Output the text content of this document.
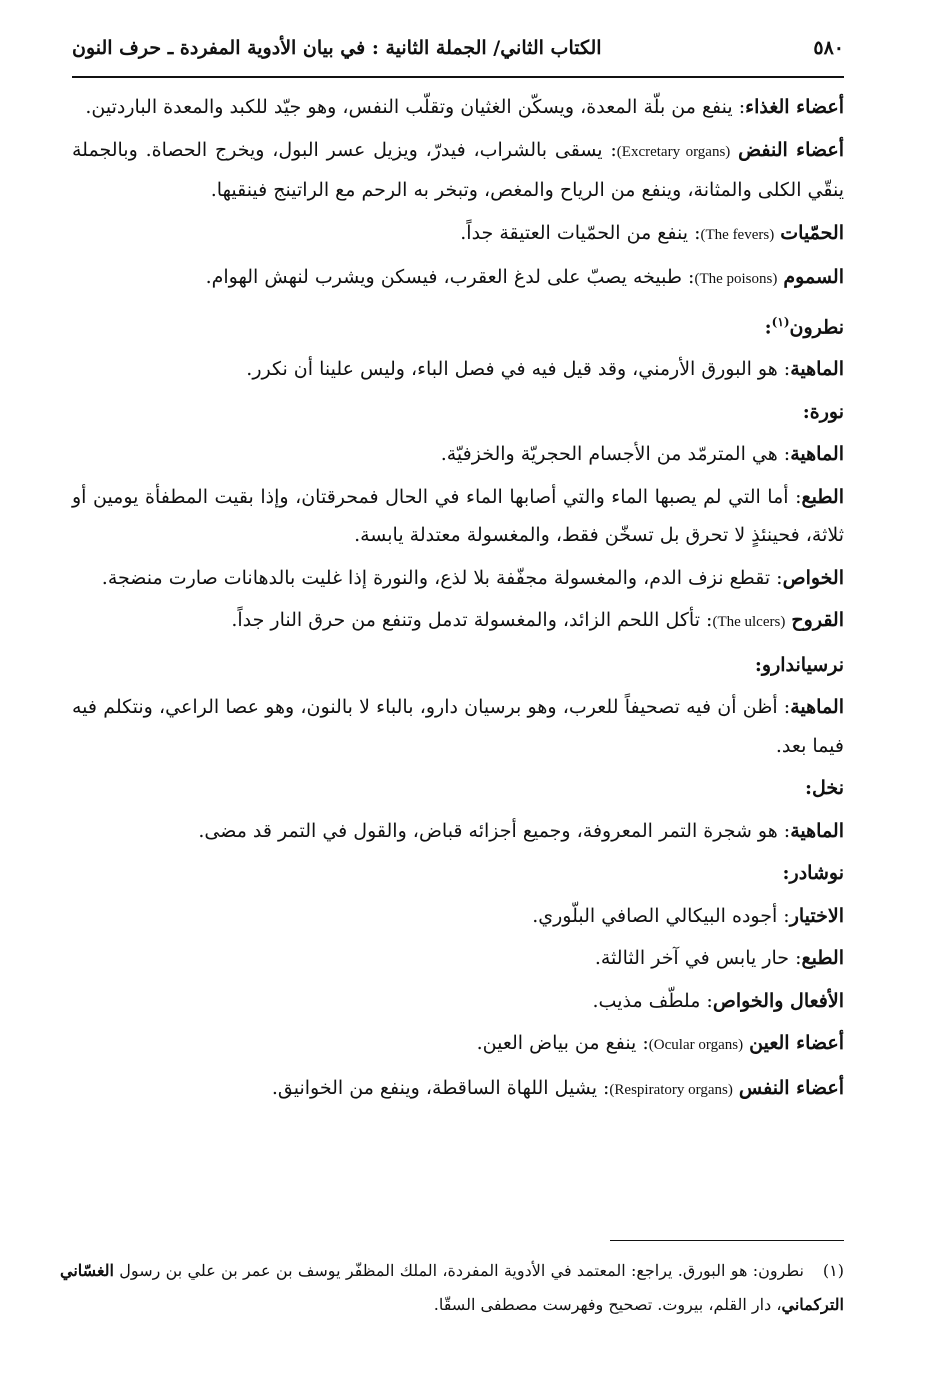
٥٨٠
الكتاب الثاني/ الجملة الثانية : في بيان الأدوية المفردة ـ حرف النون

أعضاء الغذاء: ينفع من بلّة المعدة، ويسكّن الغثيان وتقلّب النفس، وهو جيّد للكبد والمعدة الباردتين.

أعضاء النفض (Excretary organs): يسقى بالشراب، فيدرّ، ويزيل عسر البول، ويخرج الحصاة. وبالجملة ينقّي الكلى والمثانة، وينفع من الرياح والمغص، وتبخر به الرحم مع الراتينج فينقيها.

الحمّيات (The fevers): ينفع من الحمّيات العتيقة جداً.

السموم (The poisons): طبيخه يصبّ على لدغ العقرب، فيسكن ويشرب لنهش الهوام.

نطرون$^{(١)}$:

الماهية: هو البورق الأرمني، وقد قيل فيه في فصل الباء، وليس علينا أن نكرر.

نورة:

الماهية: هي المترمّد من الأجسام الحجريّة والخزفيّة.

الطبع: أما التي لم يصبها الماء والتي أصابها الماء في الحال فمحرقتان، وإذا بقيت المطفأة يومين أو ثلاثة، فحينئذٍ لا تحرق بل تسخّن فقط، والمغسولة معتدلة يابسة.

الخواص: تقطع نزف الدم، والمغسولة مجفّفة بلا لذع، والنورة إذا غليت بالدهانات صارت منضجة.

القروح (The ulcers): تأكل اللحم الزائد، والمغسولة تدمل وتنفع من حرق النار جداً.

نرسياندارو:

الماهية: أظن أن فيه تصحيفاً للعرب، وهو برسيان دارو، بالباء لا بالنون، وهو عصا الراعي، ونتكلم فيه فيما بعد.

نخل:

الماهية: هو شجرة التمر المعروفة، وجميع أجزائه قباض، والقول في التمر قد مضى.

نوشادر:

الاختيار: أجوده البيكالي الصافي البلّوري.

الطبع: حار يابس في آخر الثالثة.

الأفعال والخواص: ملطّف مذيب.

أعضاء العين (Ocular organs): ينفع من بياض العين.

أعضاء النفس (Respiratory organs): يشيل اللهاة الساقطة، وينفع من الخوانيق.

(١)نطرون: هو البورق. يراجع: المعتمد في الأدوية المفردة، الملك المظفّر يوسف بن عمر بن علي بن رسول الغسّاني التركماني، دار القلم، بيروت. تصحيح وفهرست مصطفى السقّا.
